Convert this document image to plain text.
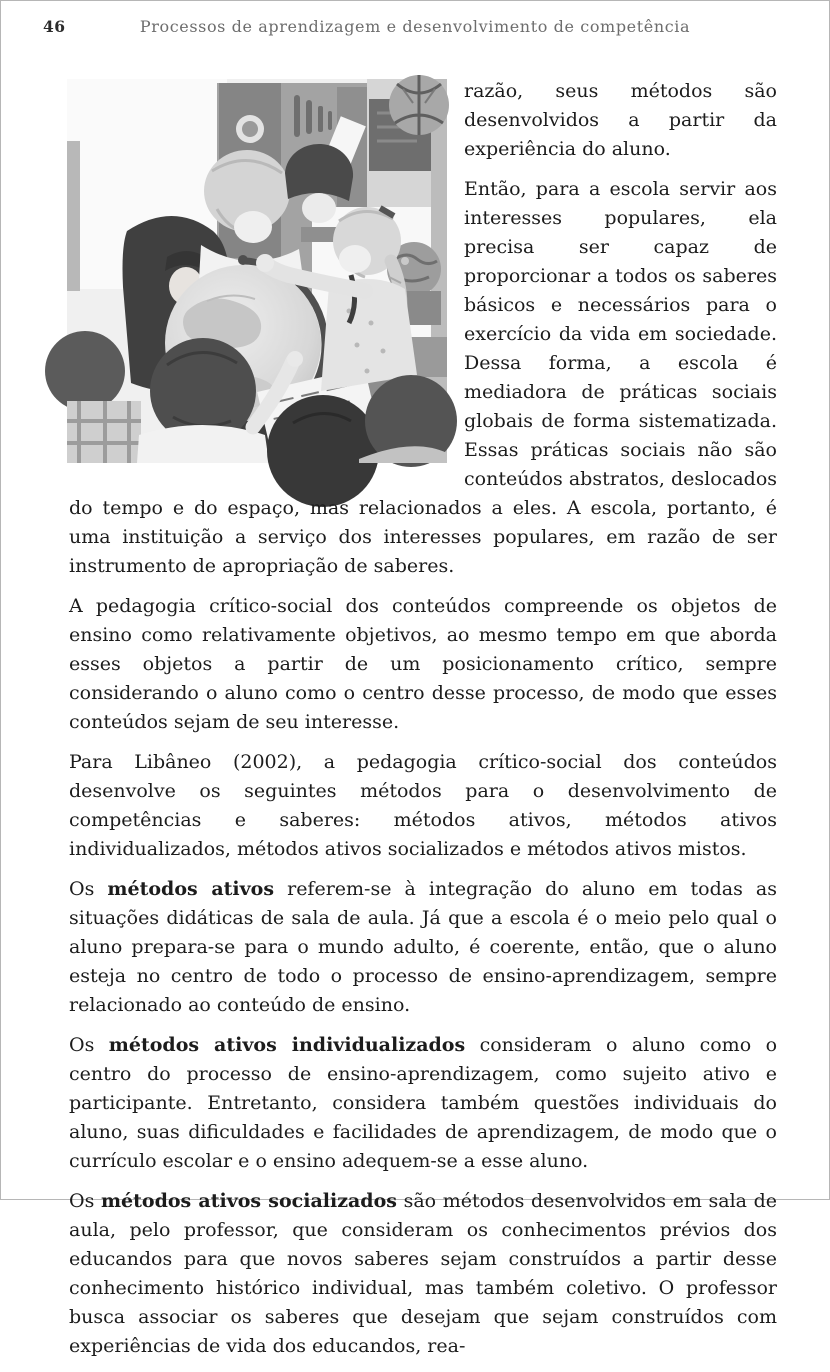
46	Processos de aprendizagem e desenvolvimento de competência

razão, seus métodos são desenvolvidos a partir da experiência do aluno.

Então, para a escola servir aos interesses populares, ela precisa ser capaz de proporcionar a todos os saberes básicos e necessários para o exercício da vida em sociedade. Dessa forma, a escola é mediadora de práticas sociais globais de forma sistematizada. Essas práticas sociais não são conteúdos abstratos, deslocados do tempo e do espaço, mas relacionados a eles. A escola, portanto, é uma instituição a serviço dos interesses populares, em razão de ser instrumento de apropriação de saberes.

A pedagogia crítico-social dos conteúdos compreende os objetos de ensino como relativamente objetivos, ao mesmo tempo em que aborda esses objetos a partir de um posicionamento crítico, sempre considerando o aluno como o centro desse processo, de modo que esses conteúdos sejam de seu interesse.

Para Libâneo (2002), a pedagogia crítico-social dos conteúdos desenvolve os seguintes métodos para o desenvolvimento de competências e saberes: métodos ativos, métodos ativos individualizados, métodos ativos socializados e métodos ativos mistos.

Os métodos ativos referem-se à integração do aluno em todas as situações didáticas de sala de aula. Já que a escola é o meio pelo qual o aluno prepara-se para o mundo adulto, é coerente, então, que o aluno esteja no centro de todo o processo de ensino-aprendizagem, sempre relacionado ao conteúdo de ensino.

Os métodos ativos individualizados consideram o aluno como o centro do processo de ensino-aprendizagem, como sujeito ativo e participante. Entretanto, considera também questões individuais do aluno, suas dificuldades e facilidades de aprendizagem, de modo que o currículo escolar e o ensino adequem-se a esse aluno.

Os métodos ativos socializados são métodos desenvolvidos em sala de aula, pelo professor, que consideram os conhecimentos prévios dos educandos para que novos saberes sejam construídos a partir desse conhecimento histórico individual, mas também coletivo. O professor busca associar os saberes que desejam que sejam construídos com experiências de vida dos educandos, rea-
